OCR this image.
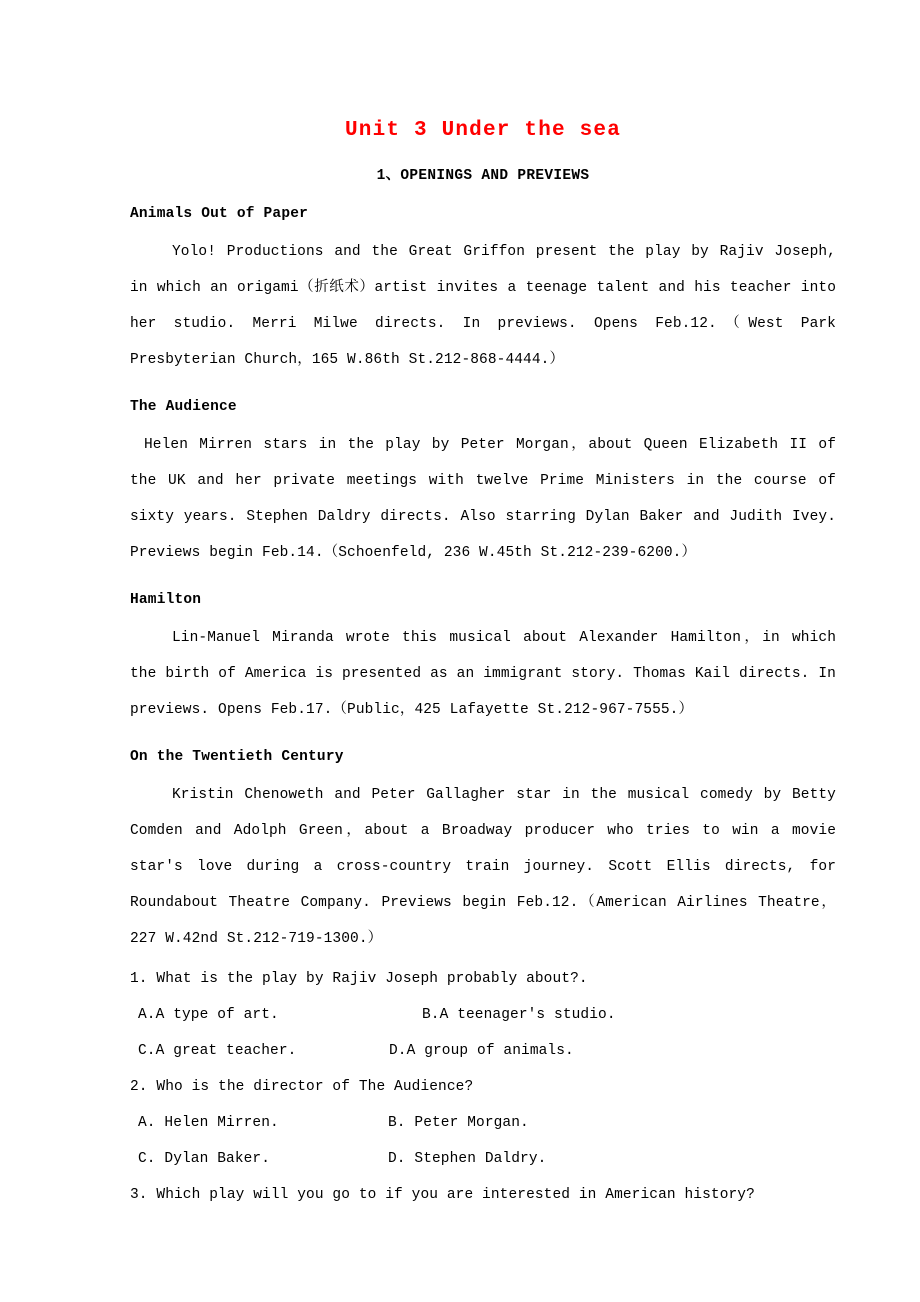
Unit 3 Under the sea
1、OPENINGS AND PREVIEWS
Animals Out of Paper

Yolo! Productions and the Great Griffon present the play by Rajiv Joseph, in which an origami（折纸术）artist invites a teenage talent and his teacher into her studio. Merri Milwe directs. In previews. Opens Feb.12.（West Park Presbyterian Church，165 W.86th St.212-868-4444.）

The Audience

Helen Mirren stars in the play by Peter Morgan，about Queen Elizabeth II of the UK and her private meetings with twelve Prime Ministers in the course of sixty years. Stephen Daldry directs. Also starring Dylan Baker and Judith Ivey. Previews begin Feb.14.（Schoenfeld, 236 W.45th St.212-239-6200.）

Hamilton

Lin-Manuel Miranda wrote this musical about Alexander Hamilton，in which the birth of America is presented as an immigrant story. Thomas Kail directs. In previews. Opens Feb.17.（Public，425 Lafayette St.212-967-7555.）

On the Twentieth Century

Kristin Chenoweth and Peter Gallagher star in the musical comedy by Betty Comden and Adolph Green，about a Broadway producer who tries to win a movie star's love during a cross-country train journey. Scott Ellis directs, for Roundabout Theatre Company. Previews begin Feb.12.（American Airlines Theatre，227 W.42nd St.212-719-1300.）

1. What is the play by Rajiv Joseph probably about?.

A.A type of art.	B.A teenager's studio.
C.A great teacher.	D.A group of animals.

2. Who is the director of The Audience?

A. Helen Mirren.	B. Peter Morgan.
C. Dylan Baker.	D. Stephen Daldry.

3. Which play will you go to if you are interested in American history?
